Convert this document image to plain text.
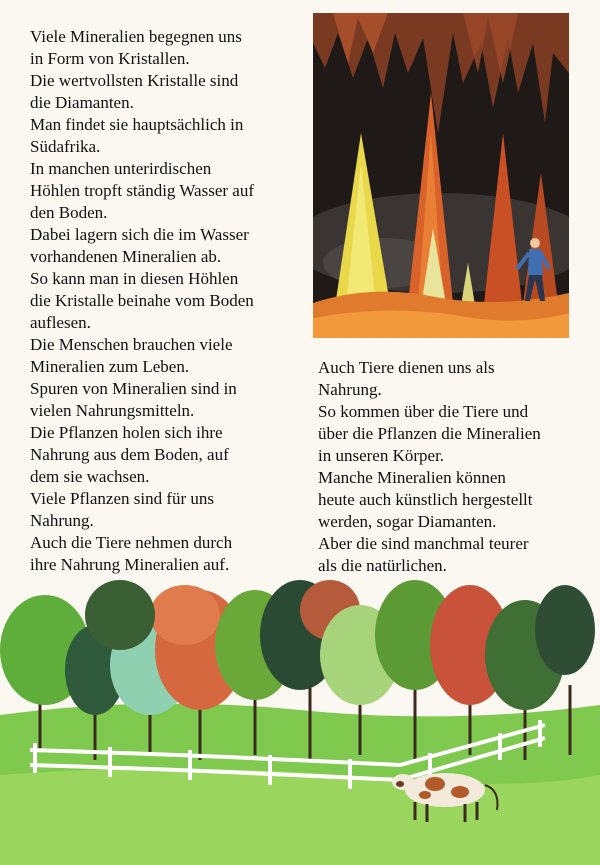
Viele Mineralien begegnen uns

in Form von Kristallen.

Die wertvollsten Kristalle sind

die Diamanten.

Man findet sie hauptsächlich in

Südafrika.

In manchen unterirdischen

Höhlen tropft ständig Wasser auf

den Boden.

Dabei lagern sich die im Wasser

vorhandenen Mineralien ab.

So kann man in diesen Höhlen

die Kristalle beinahe vom Boden

auflesen.

Die Menschen brauchen viele

Mineralien zum Leben.

Spuren von Mineralien sind in

vielen Nahrungsmitteln.

Die Pflanzen holen sich ihre

Nahrung aus dem Boden, auf

dem sie wachsen.

Viele Pflanzen sind für uns

Nahrung.

Auch die Tiere nehmen durch

ihre Nahrung Mineralien auf.

Auch Tiere dienen uns als

Nahrung.

So kommen über die Tiere und

über die Pflanzen die Mineralien

in unseren Körper.

Manche Mineralien können

heute auch künstlich hergestellt

werden, sogar Diamanten.

Aber die sind manchmal teurer

als die natürlichen.
